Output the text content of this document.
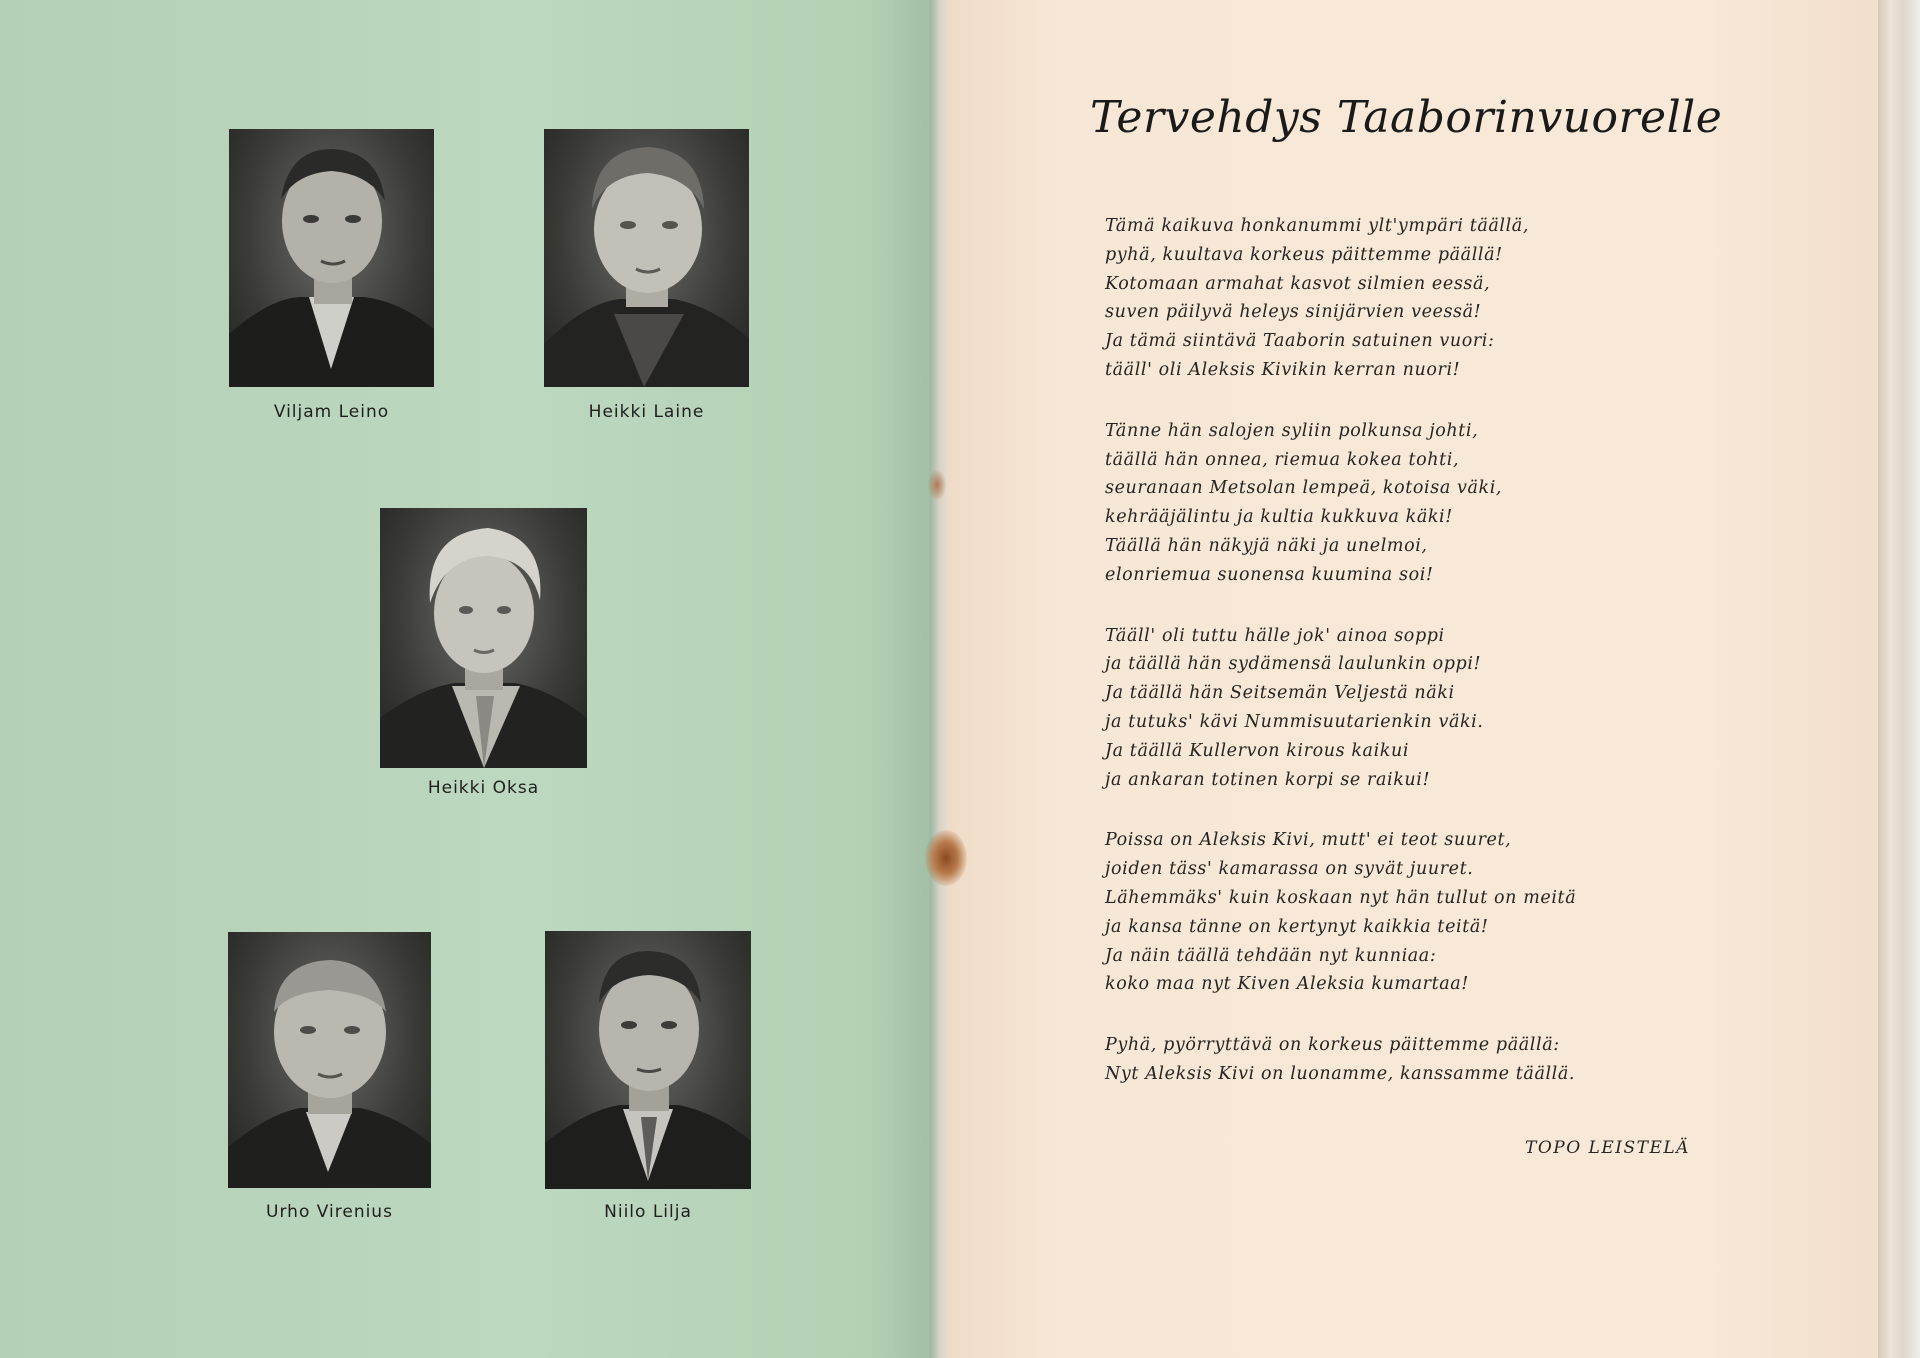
Viljam Leino	Heikki Laine
Heikki Oksa
Urho Virenius	Niilo Lilja
Tervehdys Taaborinvuorelle
Tämä kaikuva honkanummi ylt'ympäri täällä,
pyhä, kuultava korkeus päittemme päällä!
Kotomaan armahat kasvot silmien eessä,
suven päilyvä heleys sinijärvien veessä!
Ja tämä siintävä Taaborin satuinen vuori:
tääll' oli Aleksis Kivikin kerran nuori!
Tänne hän salojen syliin polkunsa johti,
täällä hän onnea, riemua kokea tohti,
seuranaan Metsolan lempeä, kotoisa väki,
kehrääjälintu ja kultia kukkuva käki!
Täällä hän näkyjä näki ja unelmoi,
elonriemua suonensa kuumina soi!
Tääll' oli tuttu hälle jok' ainoa soppi
ja täällä hän sydämensä laulunkin oppi!
Ja täällä hän Seitsemän Veljestä näki
ja tutuks' kävi Nummisuutarienkin väki.
Ja täällä Kullervon kirous kaikui
ja ankaran totinen korpi se raikui!
Poissa on Aleksis Kivi, mutt' ei teot suuret,
joiden täss' kamarassa on syvät juuret.
Lähemmäks' kuin koskaan nyt hän tullut on meitä
ja kansa tänne on kertynyt kaikkia teitä!
Ja näin täällä tehdään nyt kunniaa:
koko maa nyt Kiven Aleksia kumartaa!
Pyhä, pyörryttävä on korkeus päittemme päällä:
Nyt Aleksis Kivi on luonamme, kanssamme täällä.
TOPO LEISTELÄ
